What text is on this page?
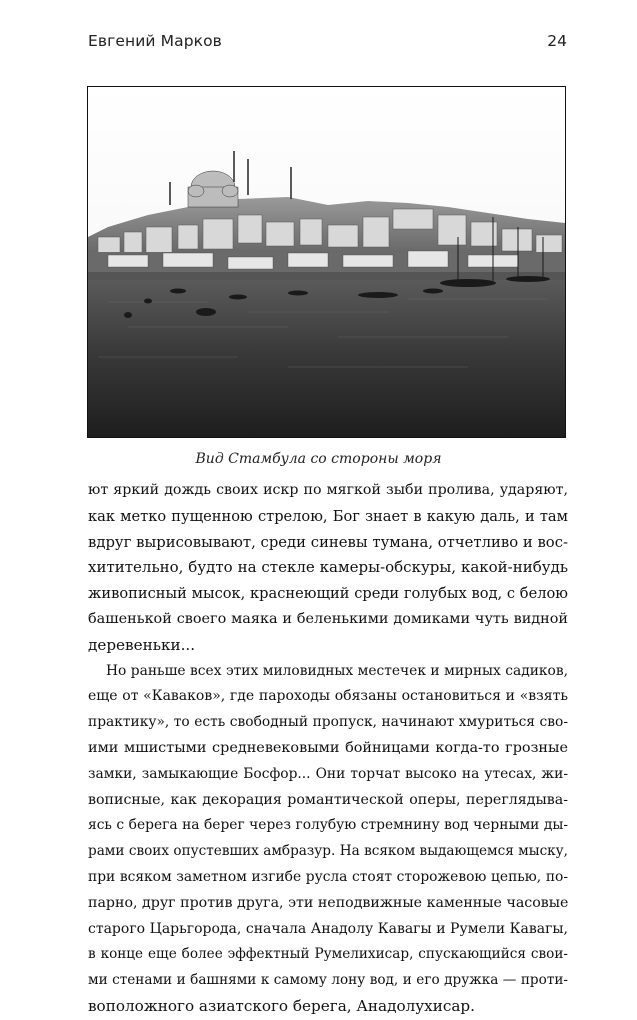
Евгений Марков	24
Вид Стамбула со стороны моря
ют яркий дождь своих искр по мягкой зыби пролива, ударяют,
как метко пущенною стрелою, Бог знает в какую даль, и там
вдруг вырисовывают, среди синевы тумана, отчетливо и вос-
хитительно, будто на стекле камеры-обскуры, какой-нибудь
живописный мысок, краснеющий среди голубых вод, с белою
башенькой своего маяка и беленькими домиками чуть видной
деревеньки...
Но раньше всех этих миловидных местечек и мирных садиков,
еще от «Каваков», где пароходы обязаны остановиться и «взять
практику», то есть свободный пропуск, начинают хмуриться сво-
ими мшистыми средневековыми бойницами когда-то грозные
замки, замыкающие Босфор... Они торчат высоко на утесах, жи-
вописные, как декорация романтической оперы, переглядыва-
ясь с берега на берег через голубую стремнину вод черными ды-
рами своих опустевших амбразур. На всяком выдающемся мыску,
при всяком заметном изгибе русла стоят сторожевою цепью, по-
парно, друг против друга, эти неподвижные каменные часовые
старого Царьгорода, сначала Анадолу Кавагы и Румели Кавагы,
в конце еще более эффектный Румелихисар, спускающийся свои-
ми стенами и башнями к самому лону вод, и его дружка — проти-
воположного азиатского берега, Анадолухисар.
